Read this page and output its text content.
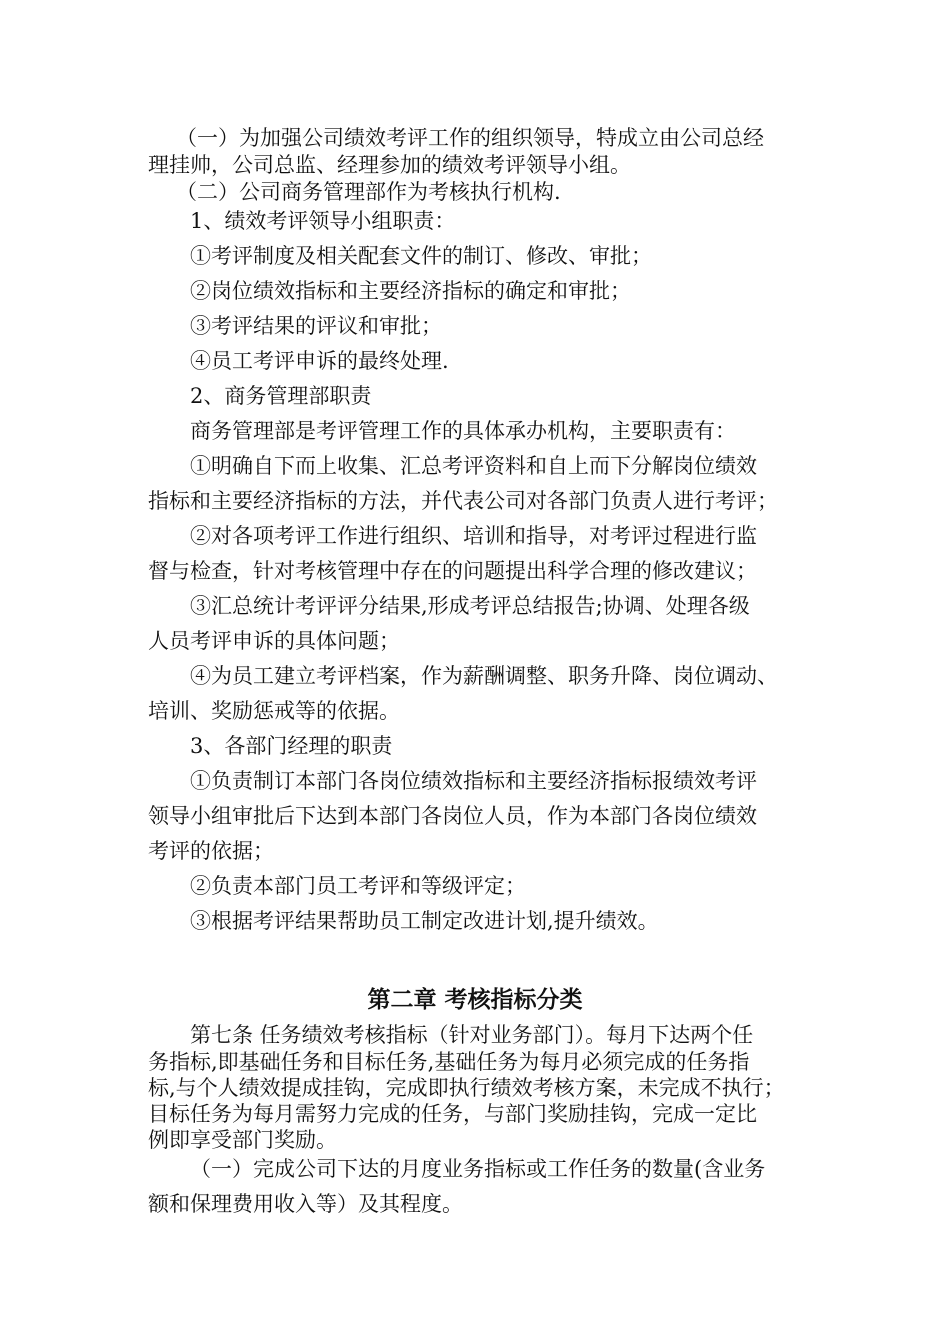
（一）为加强公司绩效考评工作的组织领导，特成立由公司总经
理挂帅，公司总监、经理参加的绩效考评领导小组。
（二）公司商务管理部作为考核执行机构.
1、绩效考评领导小组职责：
①考评制度及相关配套文件的制订、修改、审批；
②岗位绩效指标和主要经济指标的确定和审批；
③考评结果的评议和审批；
④员工考评申诉的最终处理.
2、商务管理部职责
商务管理部是考评管理工作的具体承办机构，主要职责有：
①明确自下而上收集、汇总考评资料和自上而下分解岗位绩效
指标和主要经济指标的方法，并代表公司对各部门负责人进行考评；
②对各项考评工作进行组织、培训和指导，对考评过程进行监
督与检查，针对考核管理中存在的问题提出科学合理的修改建议；
③汇总统计考评评分结果,形成考评总结报告;协调、处理各级
人员考评申诉的具体问题；
④为员工建立考评档案，作为薪酬调整、职务升降、岗位调动、
培训、奖励惩戒等的依据。
3、各部门经理的职责
①负责制订本部门各岗位绩效指标和主要经济指标报绩效考评
领导小组审批后下达到本部门各岗位人员，作为本部门各岗位绩效
考评的依据；
②负责本部门员工考评和等级评定；
③根据考评结果帮助员工制定改进计划,提升绩效。
第二章 考核指标分类
第七条 任务绩效考核指标（针对业务部门）。每月下达两个任
务指标,即基础任务和目标任务,基础任务为每月必须完成的任务指
标,与个人绩效提成挂钩，完成即执行绩效考核方案，未完成不执行；
目标任务为每月需努力完成的任务，与部门奖励挂钩，完成一定比
例即享受部门奖励。
（一）完成公司下达的月度业务指标或工作任务的数量(含业务
额和保理费用收入等）及其程度。
